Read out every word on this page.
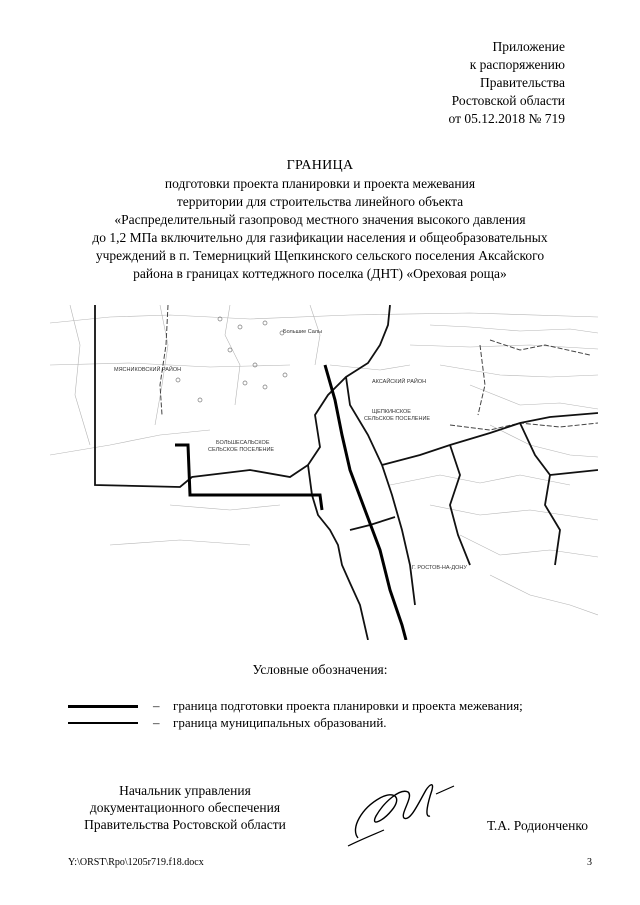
Приложение
к распоряжению
Правительства
Ростовской области
от 05.12.2018 № 719
ГРАНИЦА
подготовки проекта планировки и проекта межевания
территории для строительства линейного объекта
«Распределительный газопровод местного значения высокого давления
до 1,2 МПа включительно для газификации населения и общеобразовательных
учреждений в п. Темерницкий Щепкинского сельского поселения Аксайского
района в границах коттеджного поселка (ДНТ) «Ореховая роща»
Большие Салы
МЯСНИКОВСКИЙ РАЙОН
АКСАЙСКИЙ РАЙОН
ЩЕПКИНСКОЕ
СЕЛЬСКОЕ ПОСЕЛЕНИЕ
БОЛЬШЕСАЛЬСКОЕ
СЕЛЬСКОЕ ПОСЕЛЕНИЕ
Г. РОСТОВ-НА-ДОНУ
Условные обозначения:
– граница подготовки проекта планировки и проекта межевания;
– граница муниципальных образований.
Начальник управления
документационного обеспечения
Правительства Ростовской области	Т.А. Родионченко
Y:\ORST\Rpo\1205r719.f18.docx	3
